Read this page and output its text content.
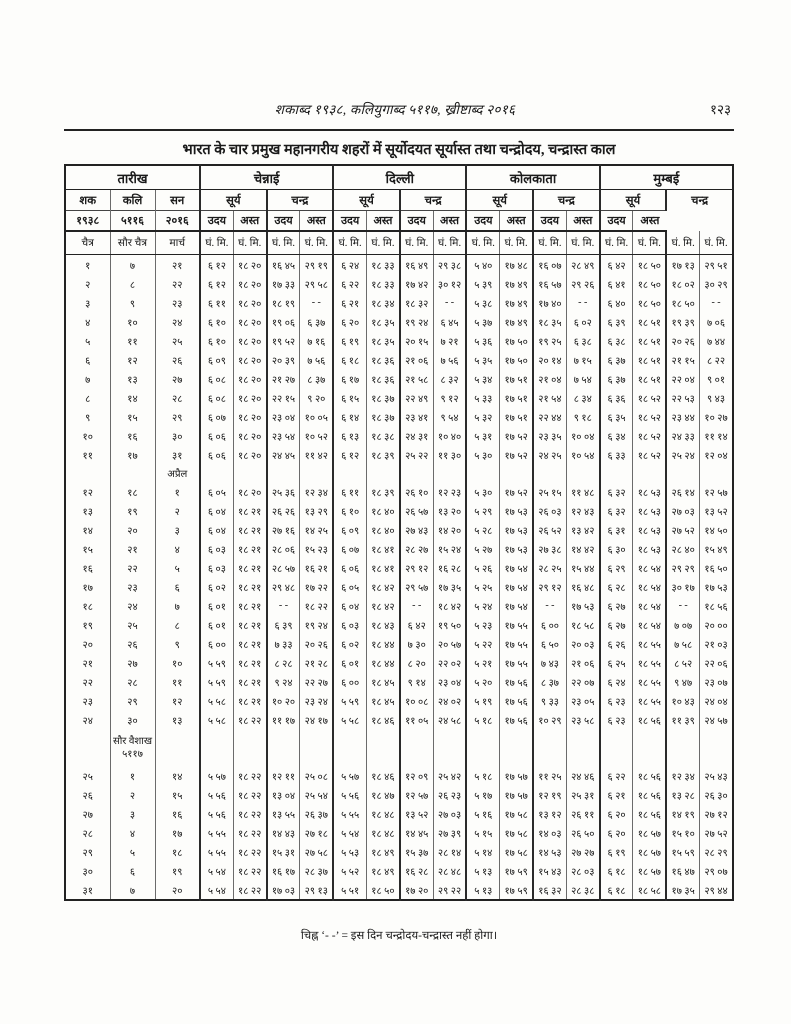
शकाब्द १९३८, कलियुगाब्द ५११७, ख्रीष्टाब्द २०१६	१२३
भारत के चार प्रमुख महानगरीय शहरों में सूर्योदयत सूर्यास्त तथा चन्द्रोदय, चन्द्रास्त काल
तारीख			चेन्नाई				दिल्ली				कोलकाता				मुम्बई			
शक	कलि	सन	सूर्य		चन्द्र		सूर्य		चन्द्र		सूर्य		चन्द्र		सूर्य		चन्द्र	
१९३८	५११६	२०१६	उदय	अस्त	उदय	अस्त	उदय	अस्त	उदय	अस्त	उदय	अस्त	उदय	अस्त	उदय	अस्त		
चैत्र	सौर चैत्र	मार्च	घं. मि.	घं. मि.	घं. मि.	घं. मि.	घं. मि.	घं. मि.	घं. मि.	घं. मि.	घं. मि.	घं. मि.	घं. मि.	घं. मि.	घं. मि.	घं. मि.	घं. मि.	घं. मि.
१	७	२१	६ १२	१८ २०	१६ ४५	२९ १९	६ २४	१८ ३३	१६ ४९	२९ ३८	५ ४०	१७ ४८	१६ ०७	२८ ४९	६ ४२	१८ ५०	१७ १३	२९ ५१
२	८	२२	६ १२	१८ २०	१७ ३३	२९ ५८	६ २२	१८ ३३	१७ ४२	३० १२	५ ३९	१७ ४९	१६ ५७	२९ २६	६ ४१	१८ ५०	१८ ०२	३० २९
३	९	२३	६ ११	१८ २०	१८ १९	- -	६ २१	१८ ३४	१८ ३२	- -	५ ३८	१७ ४९	१७ ४०	- -	६ ४०	१८ ५०	१८ ५०	- -
४	१०	२४	६ १०	१८ २०	१९ ०६	६ ३७	६ २०	१८ ३५	१९ २४	६ ४५	५ ३७	१७ ४९	१८ ३५	६ ०२	६ ३९	१८ ५१	१९ ३९	७ ०६
५	११	२५	६ १०	१८ २०	१९ ५२	७ १६	६ १९	१८ ३५	२० १५	७ २१	५ ३६	१७ ५०	१९ २५	६ ३८	६ ३८	१८ ५१	२० २६	७ ४४
६	१२	२६	६ ०९	१८ २०	२० ३९	७ ५६	६ १८	१८ ३६	२१ ०६	७ ५६	५ ३५	१७ ५०	२० १४	७ १५	६ ३७	१८ ५१	२१ १५	८ २२
७	१३	२७	६ ०८	१८ २०	२१ २७	८ ३७	६ १७	१८ ३६	२१ ५८	८ ३२	५ ३४	१७ ५१	२१ ०४	७ ५४	६ ३७	१८ ५१	२२ ०४	९ ०१
८	१४	२८	६ ०८	१८ २०	२२ १५	९ २०	६ १५	१८ ३७	२२ ४९	९ १२	५ ३३	१७ ५१	२१ ५४	८ ३४	६ ३६	१८ ५२	२२ ५३	९ ४३
९	१५	२९	६ ०७	१८ २०	२३ ०४	१० ०५	६ १४	१८ ३७	२३ ४१	९ ५४	५ ३२	१७ ५१	२२ ४४	९ १८	६ ३५	१८ ५२	२३ ४४	१० २७
१०	१६	३०	६ ०६	१८ २०	२३ ५४	१० ५२	६ १३	१८ ३८	२४ ३१	१० ४०	५ ३१	१७ ५२	२३ ३५	१० ०४	६ ३४	१८ ५२	२४ ३३	११ १४
११	१७	३१	६ ०६	१८ २०	२४ ४५	११ ४२	६ १२	१८ ३९	२५ २२	११ ३०	५ ३०	१७ ५२	२४ २५	१० ५४	६ ३३	१८ ५२	२५ २४	१२ ०४

		अप्रैल																

१२	१८	१	६ ०५	१८ २०	२५ ३६	१२ ३४	६ ११	१८ ३९	२६ १०	१२ २३	५ ३०	१७ ५२	२५ १५	११ ४८	६ ३२	१८ ५३	२६ १४	१२ ५७
१३	१९	२	६ ०४	१८ २१	२६ २६	१३ २९	६ १०	१८ ४०	२६ ५७	१३ २०	५ २९	१७ ५३	२६ ०३	१२ ४३	६ ३२	१८ ५३	२७ ०३	१३ ५२
१४	२०	३	६ ०४	१८ २१	२७ १६	१४ २५	६ ०९	१८ ४०	२७ ४३	१४ २०	५ २८	१७ ५३	२६ ५२	१३ ४२	६ ३१	१८ ५३	२७ ५२	१४ ५०
१५	२१	४	६ ०३	१८ २१	२८ ०६	१५ २३	६ ०७	१८ ४१	२८ २७	१५ २४	५ २७	१७ ५३	२७ ३८	१४ ४२	६ ३०	१८ ५३	२८ ४०	१५ ४९
१६	२२	५	६ ०३	१८ २१	२८ ५७	१६ २१	६ ०६	१८ ४१	२९ १२	१६ २८	५ २६	१७ ५४	२८ २५	१५ ४४	६ २९	१८ ५४	२९ २९	१६ ५०
१७	२३	६	६ ०२	१८ २१	२९ ४८	१७ २२	६ ०५	१८ ४२	२९ ५७	१७ ३५	५ २५	१७ ५४	२९ १२	१६ ४८	६ २८	१८ ५४	३० १७	१७ ५३
१८	२४	७	६ ०१	१८ २१	- -	१८ २२	६ ०४	१८ ४२	- -	१८ ४२	५ २४	१७ ५४	- -	१७ ५३	६ २७	१८ ५४	- -	१८ ५६
१९	२५	८	६ ०१	१८ २१	६ ३९	१९ २४	६ ०३	१८ ४३	६ ४२	१९ ५०	५ २३	१७ ५५	६ ००	१८ ५८	६ २७	१८ ५४	७ ०७	२० ००
२०	२६	९	६ ००	१८ २१	७ ३३	२० २६	६ ०२	१८ ४४	७ ३०	२० ५७	५ २२	१७ ५५	६ ५०	२० ०३	६ २६	१८ ५५	७ ५८	२१ ०३
२१	२७	१०	५ ५९	१८ २१	८ २८	२१ २८	६ ०१	१८ ४४	८ २०	२२ ०२	५ २१	१७ ५५	७ ४३	२१ ०६	६ २५	१८ ५५	८ ५२	२२ ०६
२२	२८	११	५ ५९	१८ २१	९ २४	२२ २७	६ ००	१८ ४५	९ १४	२३ ०४	५ २०	१७ ५६	८ ३७	२२ ०७	६ २४	१८ ५५	९ ४७	२३ ०७
२३	२९	१२	५ ५८	१८ २१	१० २०	२३ २४	५ ५९	१८ ४५	१० ०८	२४ ०२	५ १९	१७ ५६	९ ३३	२३ ०५	६ २३	१८ ५५	१० ४३	२४ ०४
२४	३०	१३	५ ५८	१८ २२	११ १७	२४ १७	५ ५८	१८ ४६	११ ०५	२४ ५८	५ १८	१७ ५६	१० २९	२३ ५८	६ २३	१८ ५६	११ ३९	२४ ५७

	सौर वैशाख
५११७																	

२५	१	१४	५ ५७	१८ २२	१२ ११	२५ ०८	५ ५७	१८ ४६	१२ ०९	२५ ४२	५ १८	१७ ५७	११ २५	२४ ४६	६ २२	१८ ५६	१२ ३४	२५ ४३
२६	२	१५	५ ५६	१८ २२	१३ ०४	२५ ५४	५ ५६	१८ ४७	१२ ५७	२६ २३	५ १७	१७ ५७	१२ १९	२५ ३१	६ २१	१८ ५६	१३ २८	२६ ३०
२७	३	१६	५ ५६	१८ २२	१३ ५५	२६ ३७	५ ५५	१८ ४८	१३ ५२	२७ ०३	५ १६	१७ ५८	१३ १२	२६ ११	६ २०	१८ ५६	१४ १९	२७ १२
२८	४	१७	५ ५५	१८ २२	१४ ४३	२७ १८	५ ५४	१८ ४८	१४ ४५	२७ ३९	५ १५	१७ ५८	१४ ०३	२६ ५०	६ २०	१८ ५७	१५ १०	२७ ५२
२९	५	१८	५ ५५	१८ २२	१५ ३१	२७ ५८	५ ५३	१८ ४९	१५ ३७	२८ १४	५ १४	१७ ५८	१४ ५३	२७ २७	६ १९	१८ ५७	१५ ५९	२८ २९
३०	६	१९	५ ५४	१८ २२	१६ १७	२८ ३७	५ ५२	१८ ४९	१६ २८	२८ ४८	५ १३	१७ ५९	१५ ४३	२८ ०३	६ १८	१८ ५७	१६ ४७	२९ ०७
३१	७	२०	५ ५४	१८ २२	१७ ०३	२९ १३	५ ५१	१८ ५०	१७ २०	२९ २२	५ १३	१७ ५९	१६ ३२	२८ ३८	६ १८	१८ ५८	१७ ३५	२९ ४४
चिह्न ‘- -’ = इस दिन चन्द्रोदय-चन्द्रास्त नहीं होगा।
